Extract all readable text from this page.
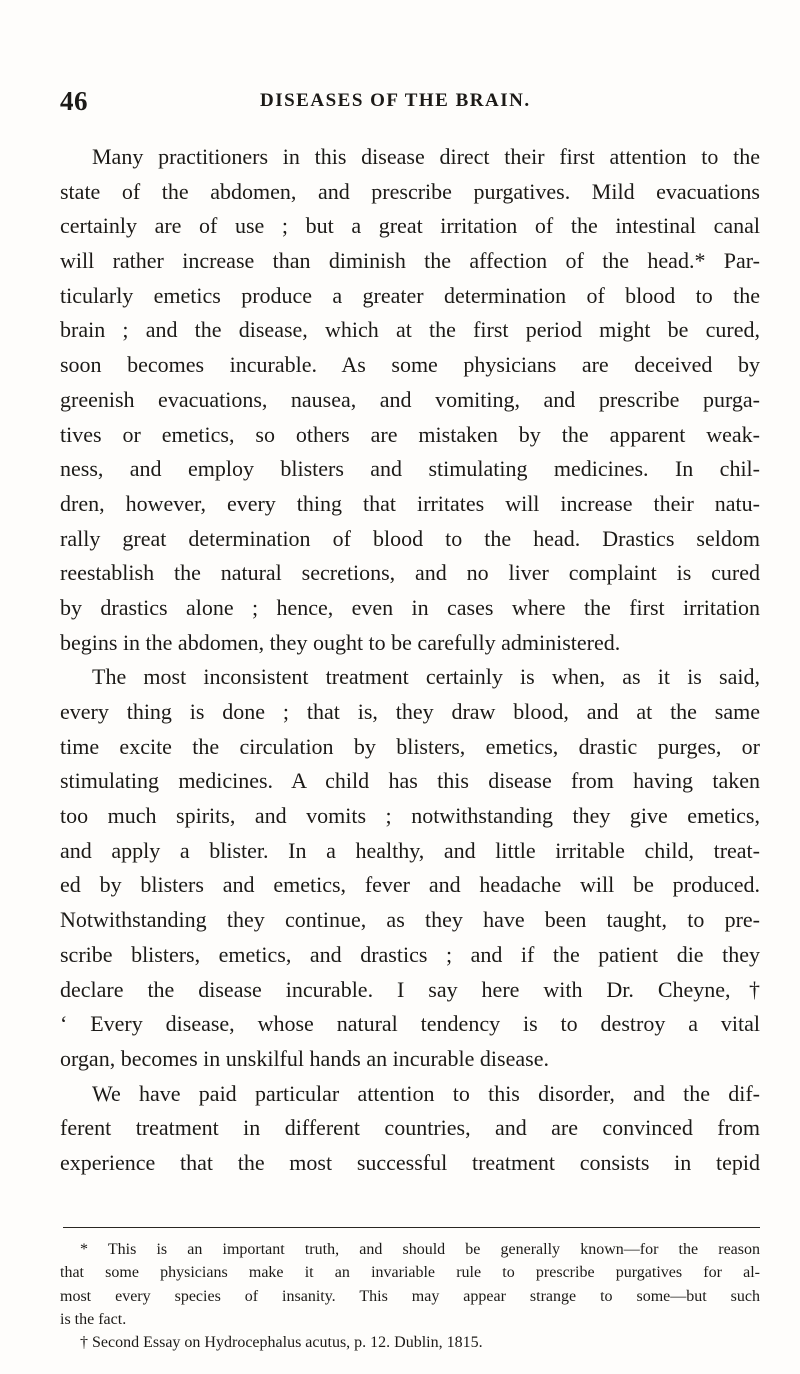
46	DISEASES OF THE BRAIN.
Many practitioners in this disease direct their first attention to the
state of the abdomen, and prescribe purgatives. Mild evacuations
certainly are of use ; but a great irritation of the intestinal canal
will rather increase than diminish the affection of the head.* Par-
ticularly emetics produce a greater determination of blood to the
brain ; and the disease, which at the first period might be cured,
soon becomes incurable. As some physicians are deceived by
greenish evacuations, nausea, and vomiting, and prescribe purga-
tives or emetics, so others are mistaken by the apparent weak-
ness, and employ blisters and stimulating medicines. In chil-
dren, however, every thing that irritates will increase their natu-
rally great determination of blood to the head. Drastics seldom
reestablish the natural secretions, and no liver complaint is cured
by drastics alone ; hence, even in cases where the first irritation
begins in the abdomen, they ought to be carefully administered.
The most inconsistent treatment certainly is when, as it is said,
every thing is done ; that is, they draw blood, and at the same
time excite the circulation by blisters, emetics, drastic purges, or
stimulating medicines. A child has this disease from having taken
too much spirits, and vomits ; notwithstanding they give emetics,
and apply a blister. In a healthy, and little irritable child, treat-
ed by blisters and emetics, fever and headache will be produced.
Notwithstanding they continue, as they have been taught, to pre-
scribe blisters, emetics, and drastics ; and if the patient die they
declare the disease incurable. I say here with Dr. Cheyne,†
‘ Every disease, whose natural tendency is to destroy a vital
organ, becomes in unskilful hands an incurable disease.
We have paid particular attention to this disorder, and the dif-
ferent treatment in different countries, and are convinced from
experience that the most successful treatment consists in tepid
* This is an important truth, and should be generally known—for the reason
that some physicians make it an invariable rule to prescribe purgatives for al-
most every species of insanity. This may appear strange to some—but such
is the fact.
† Second Essay on Hydrocephalus acutus, p. 12. Dublin, 1815.
